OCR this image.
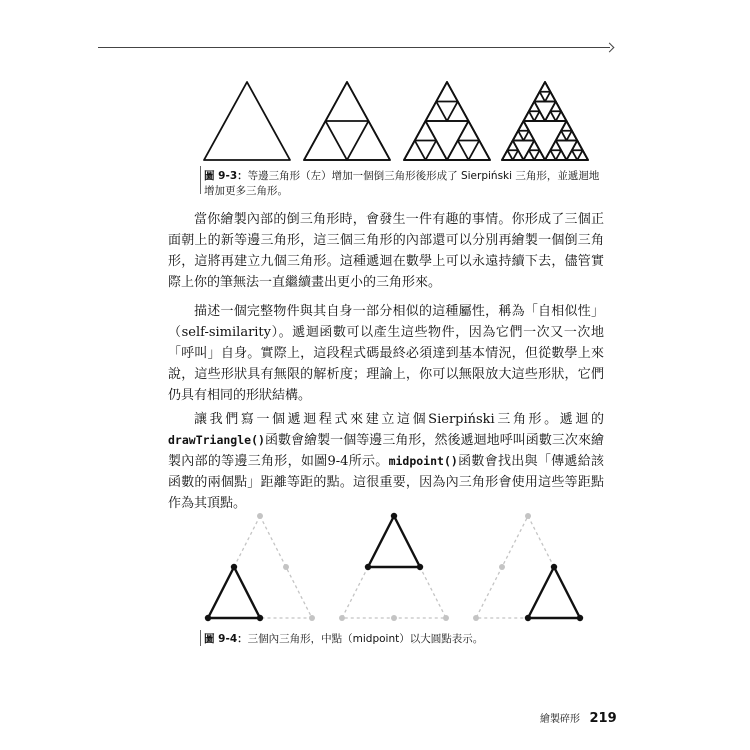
圖 9-3：等邊三角形（左）增加一個倒三角形後形成了 Sierpiński 三角形，並遞迴地增加更多三角形。
當你繪製內部的倒三角形時，會發生一件有趣的事情。你形成了三個正面朝上的新等邊三角形，這三個三角形的內部還可以分別再繪製一個倒三角形，這將再建立九個三角形。這種遞迴在數學上可以永遠持續下去，儘管實際上你的筆無法一直繼續畫出更小的三角形來。
描述一個完整物件與其自身一部分相似的這種屬性，稱為「自相似性」（self-similarity）。遞迴函數可以產生這些物件，因為它們一次又一次地「呼叫」自身。實際上，這段程式碼最終必須達到基本情況，但從數學上來說，這些形狀具有無限的解析度；理論上，你可以無限放大這些形狀，它們仍具有相同的形狀結構。
讓我們寫一個遞迴程式來建立這個Sierpiński三角形。遞迴的drawTriangle()函數會繪製一個等邊三角形，然後遞迴地呼叫函數三次來繪製內部的等邊三角形，如圖9-4所示。midpoint()函數會找出與「傳遞給該函數的兩個點」距離等距的點。這很重要，因為內三角形會使用這些等距點作為其頂點。
圖 9-4：三個內三角形，中點（midpoint）以大圓點表示。
繪製碎形 219
